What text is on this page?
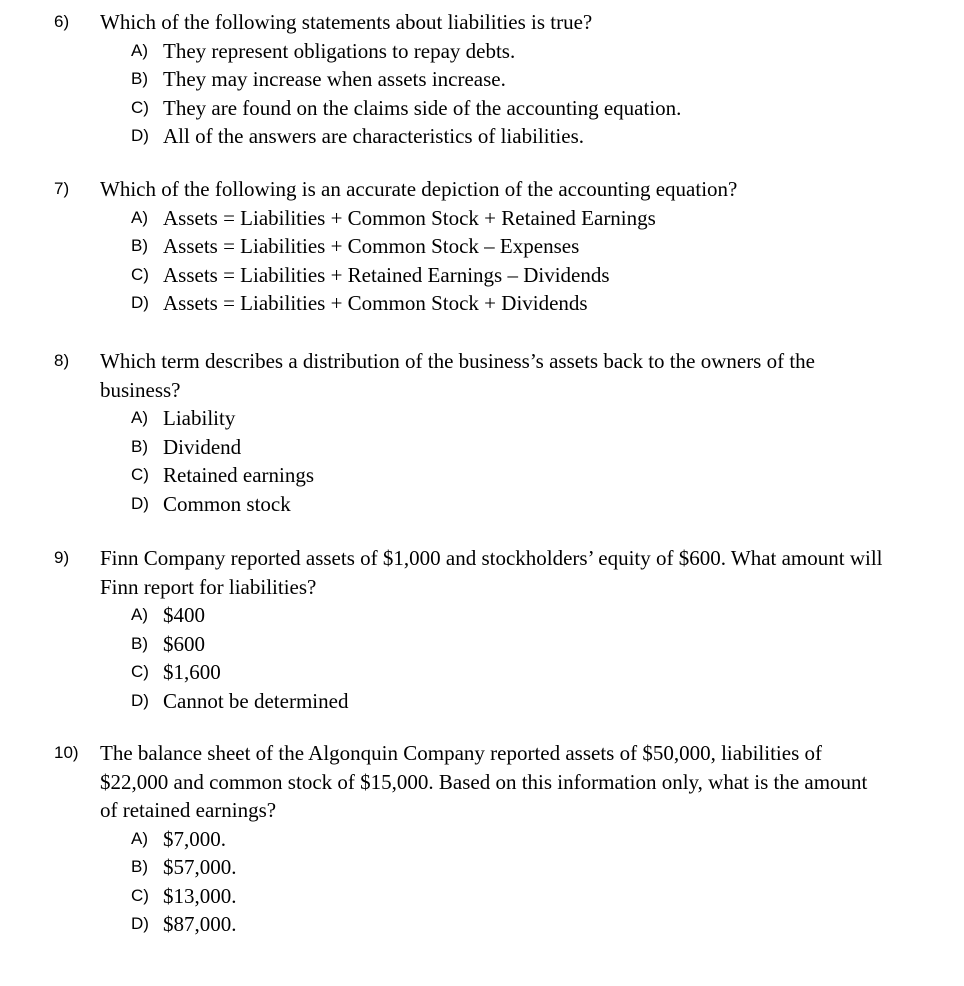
6) Which of the following statements about liabilities is true?
A) They represent obligations to repay debts.
B) They may increase when assets increase.
C) They are found on the claims side of the accounting equation.
D) All of the answers are characteristics of liabilities.
7) Which of the following is an accurate depiction of the accounting equation?
A) Assets = Liabilities + Common Stock + Retained Earnings
B) Assets = Liabilities + Common Stock – Expenses
C) Assets = Liabilities + Retained Earnings – Dividends
D) Assets = Liabilities + Common Stock + Dividends
8) Which term describes a distribution of the business’s assets back to the owners of the
business?
A) Liability
B) Dividend
C) Retained earnings
D) Common stock
9) Finn Company reported assets of $1,000 and stockholders’ equity of $600. What amount will
Finn report for liabilities?
A) $400
B) $600
C) $1,600
D) Cannot be determined
10) The balance sheet of the Algonquin Company reported assets of $50,000, liabilities of
$22,000 and common stock of $15,000. Based on this information only, what is the amount
of retained earnings?
A) $7,000.
B) $57,000.
C) $13,000.
D) $87,000.
